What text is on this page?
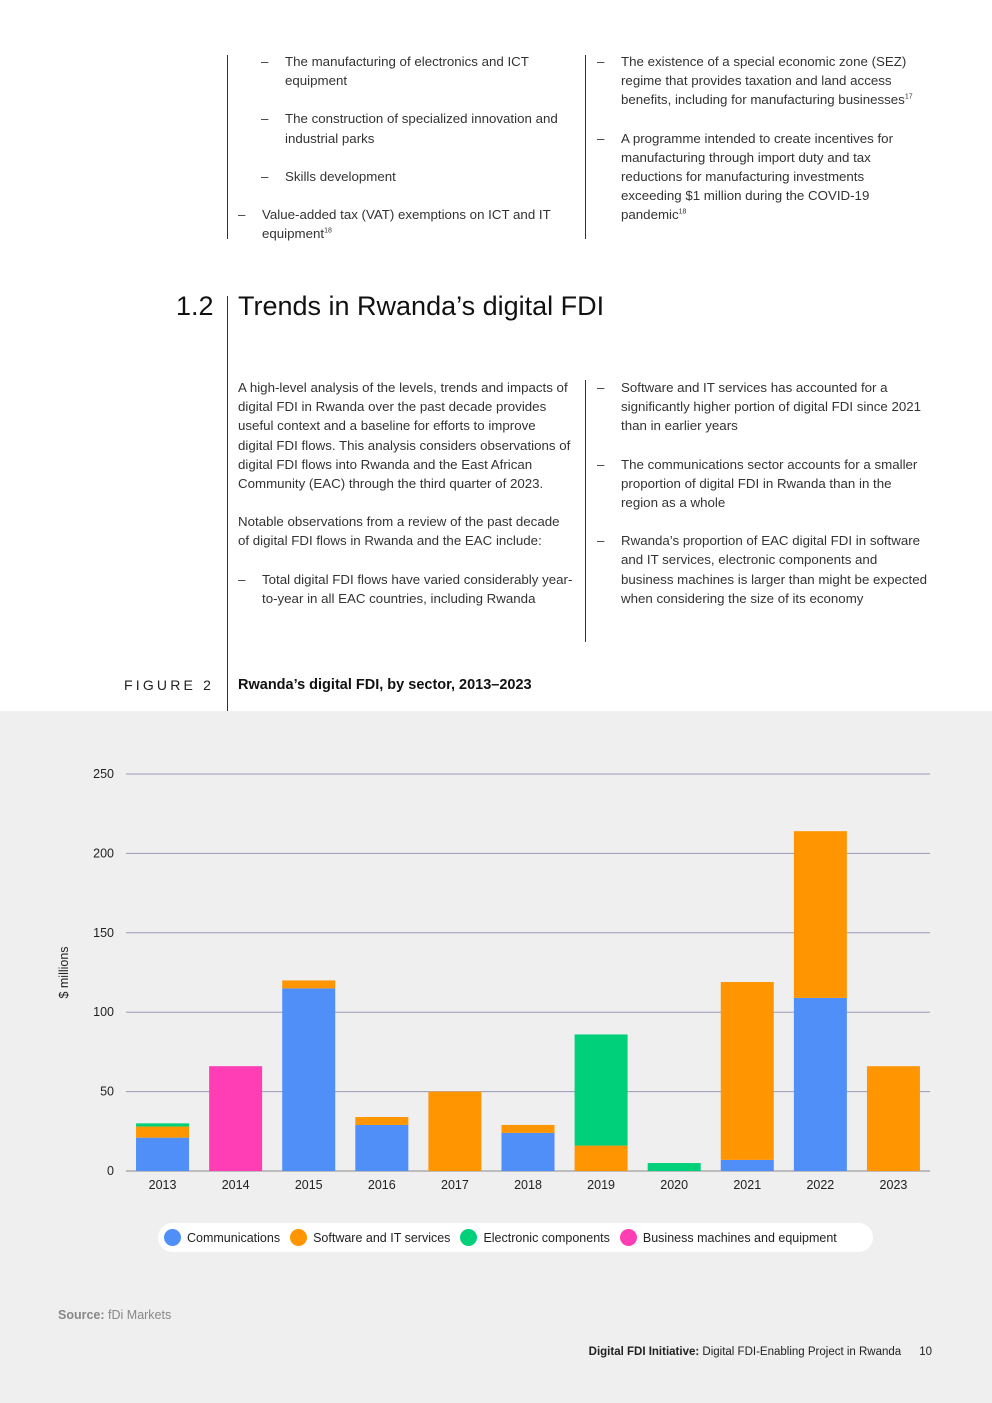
– The manufacturing of electronics and ICT equipment
– The construction of specialized innovation and industrial parks
– Skills development
– Value-added tax (VAT) exemptions on ICT and IT equipment$^{18}$
– The existence of a special economic zone (SEZ) regime that provides taxation and land access benefits, including for manufacturing businesses$^{17}$
– A programme intended to create incentives for manufacturing through import duty and tax reductions for manufacturing investments exceeding $1 million during the COVID-19 pandemic$^{18}$
1.2 Trends in Rwanda’s digital FDI

A high-level analysis of the levels, trends and impacts of digital FDI in Rwanda over the past decade provides useful context and a baseline for efforts to improve digital FDI flows. This analysis considers observations of digital FDI flows into Rwanda and the East African Community (EAC) through the third quarter of 2023.

Notable observations from a review of the past decade of digital FDI flows in Rwanda and the EAC include:

– Total digital FDI flows have varied considerably year-to-year in all EAC countries, including Rwanda
– Software and IT services has accounted for a significantly higher portion of digital FDI since 2021 than in earlier years
– The communications sector accounts for a smaller proportion of digital FDI in Rwanda than in the region as a whole
– Rwanda’s proportion of EAC digital FDI in software and IT services, electronic components and business machines is larger than might be expected when considering the size of its economy
FIGURE 2 Rwanda’s digital FDI, by sector, 2013–2023
0
50
100
150
200
250
$ millions
2013	2014	2015	2016	2017	2018	2019	2020	2021	2022	2023
Communications	Software and IT services	Electronic components	Business machines and equipment
Source: fDi Markets
Digital FDI Initiative: Digital FDI-Enabling Project in Rwanda 10
